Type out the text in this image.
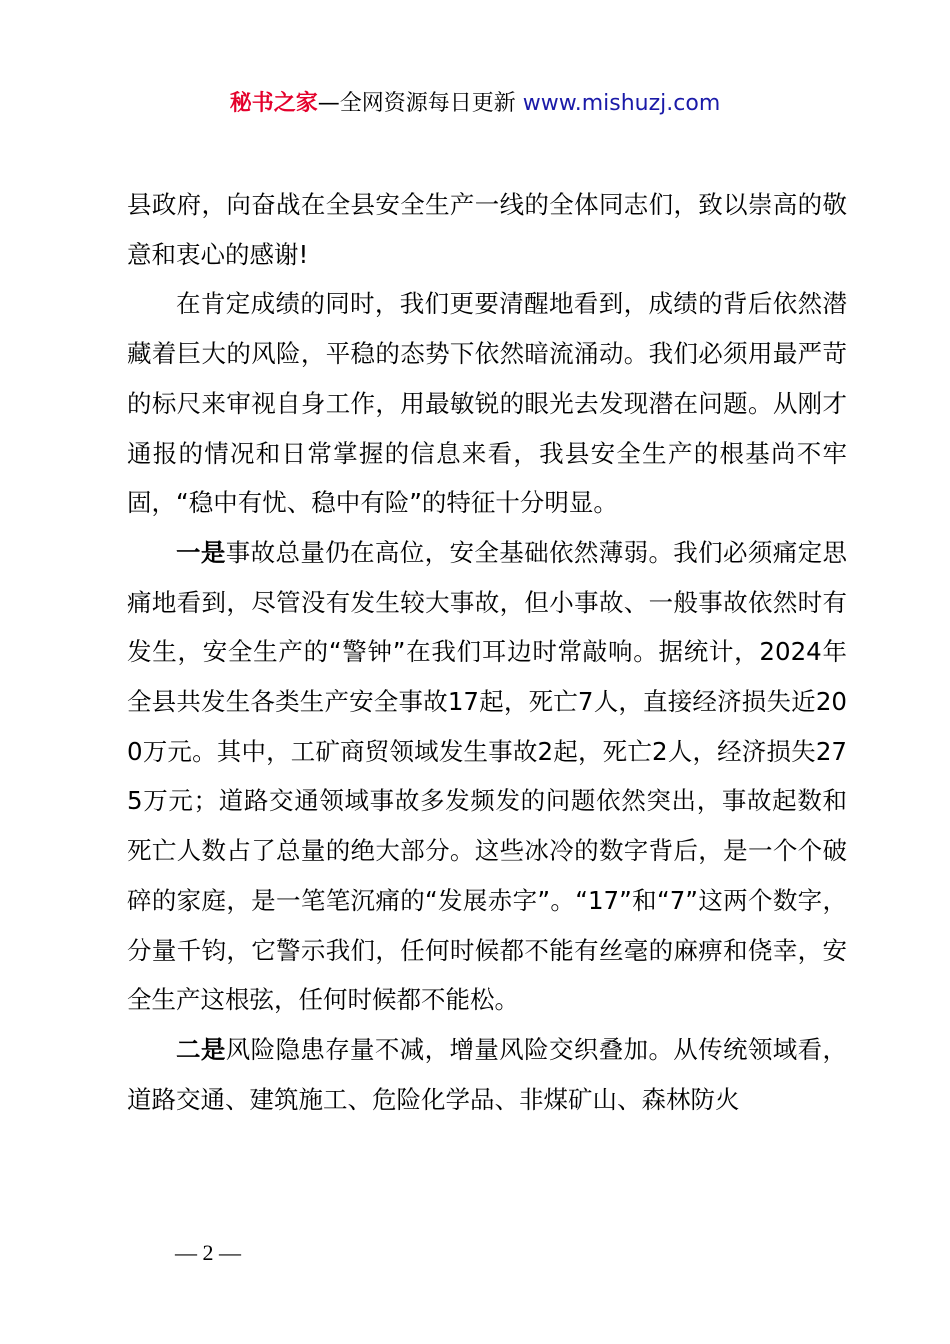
秘书之家—全网资源每日更新 www.mishuzj.com

县政府，向奋战在全县安全生产一线的全体同志们，致以崇高的敬意和衷心的感谢!

在肯定成绩的同时，我们更要清醒地看到，成绩的背后依然潜藏着巨大的风险，平稳的态势下依然暗流涌动。我们必须用最严苛的标尺来审视自身工作，用最敏锐的眼光去发现潜在问题。从刚才通报的情况和日常掌握的信息来看，我县安全生产的根基尚不牢固，“稳中有忧、稳中有险”的特征十分明显。

一是事故总量仍在高位，安全基础依然薄弱。我们必须痛定思痛地看到，尽管没有发生较大事故，但小事故、一般事故依然时有发生，安全生产的“警钟”在我们耳边时常敲响。据统计，2024年全县共发生各类生产安全事故17起，死亡7人，直接经济损失近200万元。其中，工矿商贸领域发生事故2起，死亡2人，经济损失275万元；道路交通领域事故多发频发的问题依然突出，事故起数和死亡人数占了总量的绝大部分。这些冰冷的数字背后，是一个个破碎的家庭，是一笔笔沉痛的“发展赤字”。“17”和“7”这两个数字，分量千钧，它警示我们，任何时候都不能有丝毫的麻痹和侥幸，安全生产这根弦，任何时候都不能松。

二是风险隐患存量不减，增量风险交织叠加。从传统领域看，道路交通、建筑施工、危险化学品、非煤矿山、森林防火

— 2 —
